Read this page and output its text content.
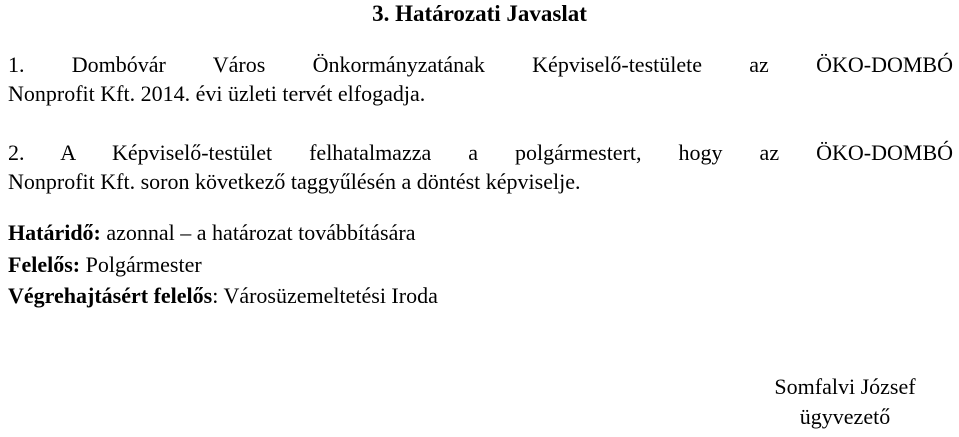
3. Határozati Javaslat
1. Dombóvár Város Önkormányzatának Képviselő-testülete az ÖKO-DOMBÓ
Nonprofit Kft. 2014. évi üzleti tervét elfogadja.
2. A Képviselő-testület felhatalmazza a polgármestert, hogy az ÖKO-DOMBÓ
Nonprofit Kft. soron következő taggyűlésén a döntést képviselje.
Határidő: azonnal – a határozat továbbítására
Felelős: Polgármester
Végrehajtásért felelős: Városüzemeltetési Iroda
Somfalvi József
ügyvezető
